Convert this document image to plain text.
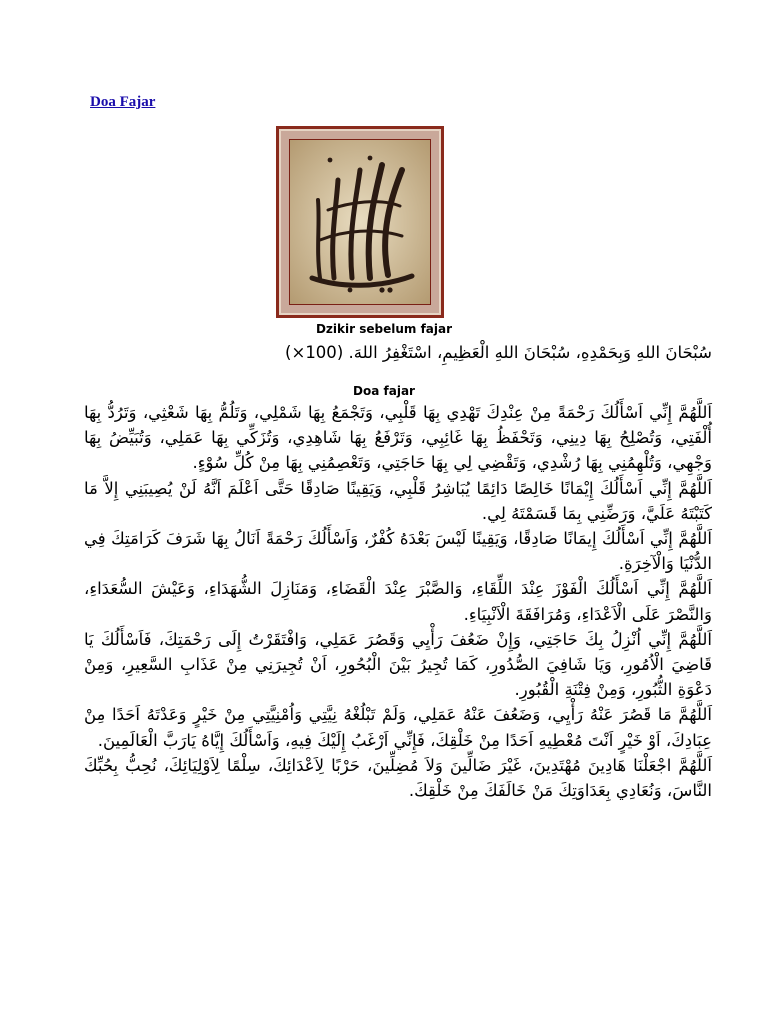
Doa Fajar
Dzikir sebelum fajar

سُبْحَانَ اللهِ وَبِحَمْدِهِ، سُبْحَانَ اللهِ الْعَظِيمِ، اسْتَغْفِرُ اللهَ. (100×)

Doa fajar

اَللَّهُمَّ إِنِّي اَسْأَلُكَ رَحْمَةً مِنْ عِنْدِكَ تَهْدِي بِهَا قَلْبِي، وَتَجْمَعُ بِهَا شَمْلِي، وَتَلُمُّ بِهَا شَعْثِي، وَتَرُدُّ بِهَا أُلْفَتِي، وَتُصْلِحُ بِهَا دِينِي، وَتَحْفَظُ بِهَا غَائِبِي، وَتَرْفَعُ بِهَا شَاهِدِي، وَتُزَكِّي بِهَا عَمَلِي، وَتُبَيِّضُ بِهَا وَجْهِي، وَتُلْهِمُنِي بِهَا رُشْدِي، وَتَقْضِي لِي بِهَا حَاجَتِي، وَتَعْصِمُنِي بِهَا مِنْ كُلِّ سُوْءٍ.

اَللَّهُمَّ إِنِّي اَسْأَلُكَ إِيْمَانًا خَالِصًا دَائِمًا يُبَاشِرُ قَلْبِي، وَيَقِينًا صَادِقًا حَتَّى اَعْلَمَ اَنَّهُ لَنْ يُصِيبَنِي إِلاَّ مَا كَتَبْتَهُ عَلَيَّ، وَرَضِّنِي بِمَا قَسَمْتَهُ لِي.

اَللَّهُمَّ إِنِّي اَسْأَلُكَ إِيمَانًا صَادِقًا، وَيَقِينًا لَيْسَ بَعْدَهُ كُفْرٌ، وَاَسْأَلُكَ رَحْمَةً اَنَالُ بِهَا شَرَفَ كَرَامَتِكَ فِي الدُّنْيَا وَالْآخِرَةِ.

اَللَّهُمَّ إِنِّي اَسْأَلُكَ الْفَوْزَ عِنْدَ اللِّقَاءِ، وَالصَّبْرَ عِنْدَ الْقَضَاءِ، وَمَنَازِلَ الشُّهَدَاءِ، وَعَيْشَ السُّعَدَاءِ، وَالنَّصْرَ عَلَى الْاَعْدَاءِ، وَمُرَافَقَةَ الْاَنْبِيَاءِ.

اَللَّهُمَّ إِنِّي اُنْزِلُ بِكَ حَاجَتِي، وَإِنْ ضَعُفَ رَأْيِي وَقَصُرَ عَمَلِي، وَافْتَقَرْتُ إِلَى رَحْمَتِكَ، فَاَسْأَلُكَ يَا قَاضِيَ الْاُمُورِ، وَيَا شَافِيَ الصُّدُورِ، كَمَا تُجِيرُ بَيْنَ الْبُحُورِ، اَنْ تُجِيرَنِي مِنْ عَذَابِ السَّعِيرِ، وَمِنْ دَعْوَةِ الثُّبُورِ، وَمِنْ فِتْنَةِ الْقُبُورِ.

اَللَّهُمَّ مَا قَصُرَ عَنْهُ رَأْيِي، وَضَعُفَ عَنْهُ عَمَلِي، وَلَمْ تَبْلُغْهُ نِيَّتِي وَاُمْنِيَّتِي مِنْ خَيْرٍ وَعَدْتَهُ اَحَدًا مِنْ عِبَادِكَ، اَوْ خَيْرٍ اَنْتَ مُعْطِيهِ اَحَدًا مِنْ خَلْقِكَ، فَإِنِّي اَرْغَبُ إِلَيْكَ فِيهِ، وَاَسْأَلُكَ إِيَّاهُ يَارَبَّ الْعَالَمِينَ.

اَللَّهُمَّ اجْعَلْنَا هَادِينَ مُهْتَدِينَ، غَيْرَ ضَالِّينَ وَلاَ مُضِلِّينَ، حَرْبًا لِاَعْدَائِكَ، سِلْمًا لِاَوْلِيَائِكَ، نُحِبُّ بِحُبِّكَ النَّاسَ، وَنُعَادِي بِعَدَاوَتِكَ مَنْ خَالَفَكَ مِنْ خَلْقِكَ.
